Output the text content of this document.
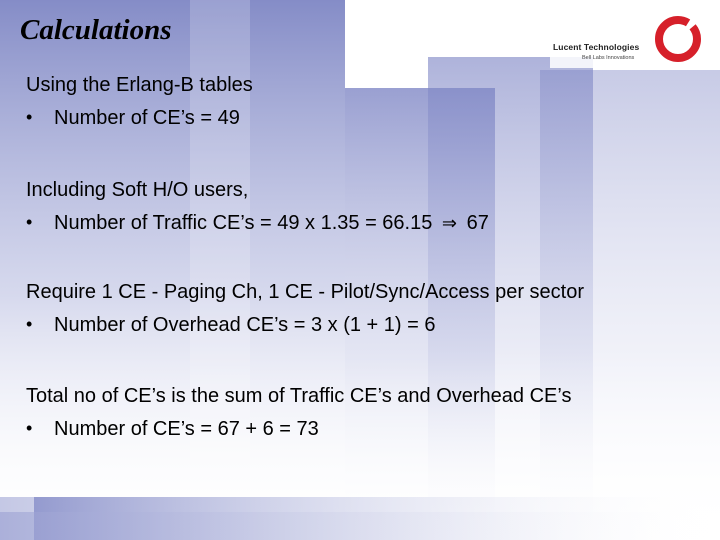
Calculations
Lucent Technologies
Bell Labs Innovations
Using the Erlang-B tables
• Number of CE’s = 49
Including Soft H/O users,
• Number of Traffic CE’s = 49 x 1.35 = 66.15 ⇒ 67
Require 1 CE - Paging Ch, 1 CE - Pilot/Sync/Access per sector
• Number of Overhead CE’s = 3 x (1 + 1) = 6
Total no of CE’s is the sum of Traffic CE’s and Overhead CE’s
• Number of CE’s = 67 + 6 = 73
